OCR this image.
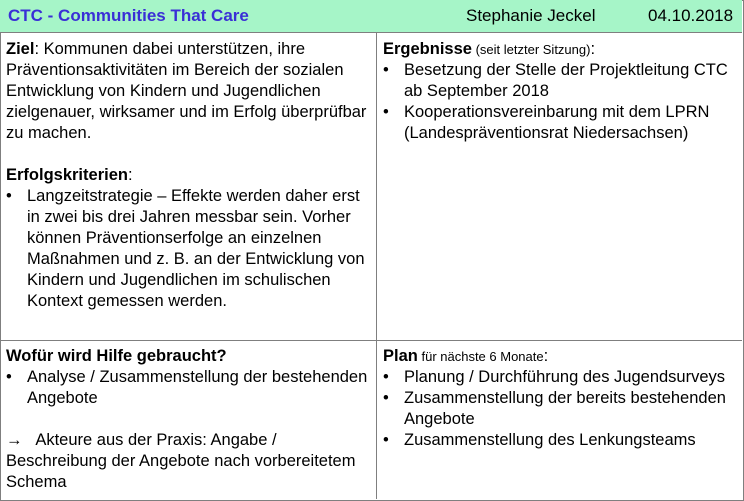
CTC - Communities That Care	Stephanie Jeckel	04.10.2018
Ziel: Kommunen dabei unterstützen, ihre Präventionsaktivitäten im Bereich der sozialen Entwicklung von Kindern und Jugendlichen zielgenauer, wirksamer und im Erfolg überprüfbar zu machen.
Erfolgskriterien:
• Langzeitstrategie – Effekte werden daher erst in zwei bis drei Jahren messbar sein. Vorher können Präventionserfolge an einzelnen Maßnahmen und z. B. an der Entwicklung von Kindern und Jugendlichen im schulischen Kontext gemessen werden.
Ergebnisse (seit letzter Sitzung):
• Besetzung der Stelle der Projektleitung CTC ab September 2018
• Kooperationsvereinbarung mit dem LPRN (Landespräventionsrat Niedersachsen)
Wofür wird Hilfe gebraucht?
• Analyse / Zusammenstellung der bestehenden Angebote
→   Akteure aus der Praxis: Angabe / Beschreibung der Angebote nach vorbereitetem Schema
Plan für nächste 6 Monate:
• Planung / Durchführung des Jugendsurveys
• Zusammenstellung der bereits bestehenden Angebote
• Zusammenstellung des Lenkungsteams
